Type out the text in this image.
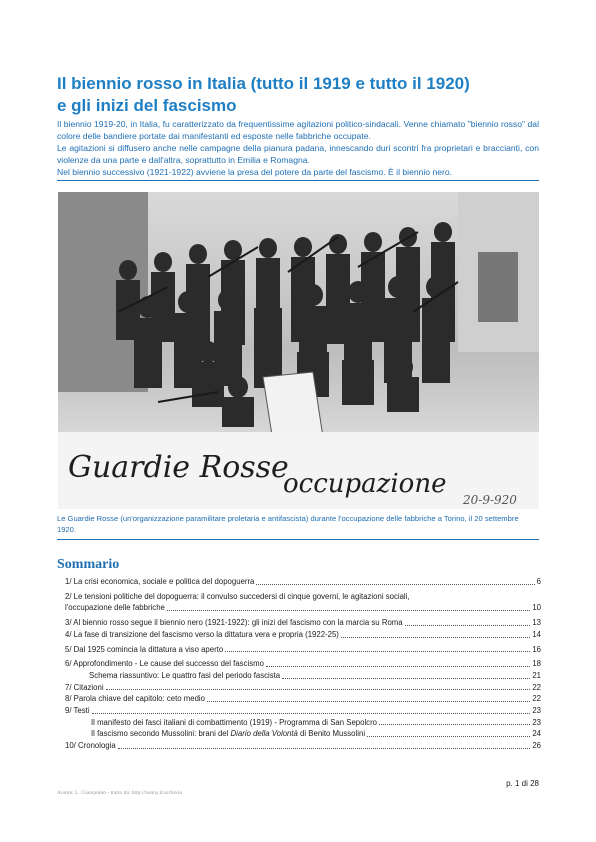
Il biennio rosso in Italia (tutto il 1919 e tutto il 1920)
e gli inizi del fascismo

Il biennio 1919-20, in Italia, fu caratterizzato da frequentissime agitazioni politico-sindacali. Venne chiamato "biennio rosso" dal colore delle bandiere portate dai manifestanti ed esposte nelle fabbriche occupate.

Le agitazioni si diffusero anche nelle campagne della pianura padana, innescando duri scontri fra proprietari e braccianti, con violenze da una parte e dall'altra, soprattutto in Emilia e Romagna.

Nel biennio successivo (1921-1922) avviene la presa del potere da parte del fascismo. È il biennio nero.

Guardie Rosse
occupazione
20-9-920

Le Guardie Rosse (un'organizzazione paramilitare proletaria e antifascista) durante l'occupazione delle fabbriche a Torino, il 20 settembre 1920.

Sommario
1/ La crisi economica, sociale e politica del dopoguerra	6
2/ Le tensioni politiche del dopoguerra: il convulso succedersi di cinque governi, le agitazioni sociali,
l'occupazione delle fabbriche	10
3/ Al biennio rosso segue il biennio nero (1921-1922): gli inizi del fascismo con la marcia su Roma	13
4/ La fase di transizione del fascismo verso la dittatura vera e propria (1922-25)	14
5/ Dal 1925 comincia la dittatura a viso aperto	16
6/ Approfondimento - Le cause del successo del fascismo	18
Schema riassuntivo: Le quattro fasi del periodo fascista	21
7/ Citazioni	22
8/ Parola chiave del capitolo: ceto medio	22
9/ Testi	23
Il manifesto dei fasci italiani di combattimento (1919) - Programma di San Sepolcro	23
Il fascismo secondo Mussolini: brani del Diario della Volontà di Benito Mussolini	24
10/ Cronologia	26
p. 1 di 28
Autore: L. Gianquinto - tratto da: http://bonny.it/archivio
